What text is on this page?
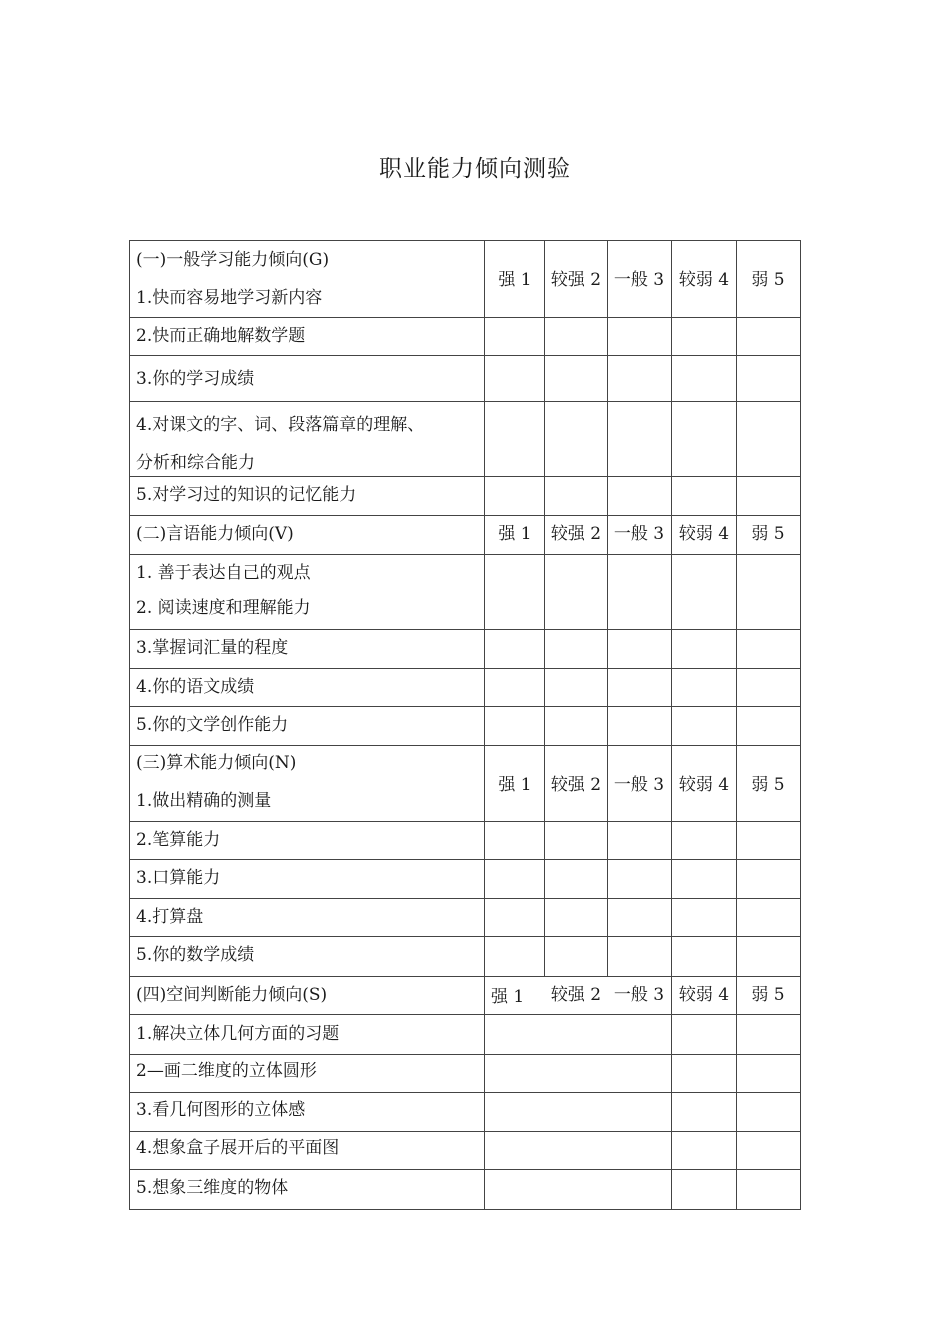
职业能力倾向测验
(一)一般学习能力倾向(G)
1.快而容易地学习新内容
强 1 较强 2 一般 3 较弱 4 弱 5
2.快而正确地解数学题
3.你的学习成绩
4.对课文的字、词、段落篇章的理解、
分析和综合能力
5.对学习过的知识的记忆能力
(二)言语能力倾向(V)	强 1 较强 2 一般 3 较弱 4 弱 5
1. 善于表达自己的观点
2. 阅读速度和理解能力
3.掌握词汇量的程度
4.你的语文成绩
5.你的文学创作能力
(三)算术能力倾向(N)
1.做出精确的测量
强 1 较强 2 一般 3 较弱 4 弱 5
2.笔算能力
3.口算能力
4.打算盘
5.你的数学成绩
(四)空间判断能力倾向(S)	强 1 较强 2 一般 3 较弱 4 弱 5
1.解决立体几何方面的习题
2—画二维度的立体圆形
3.看几何图形的立体感
4.想象盒子展开后的平面图
5.想象三维度的物体
